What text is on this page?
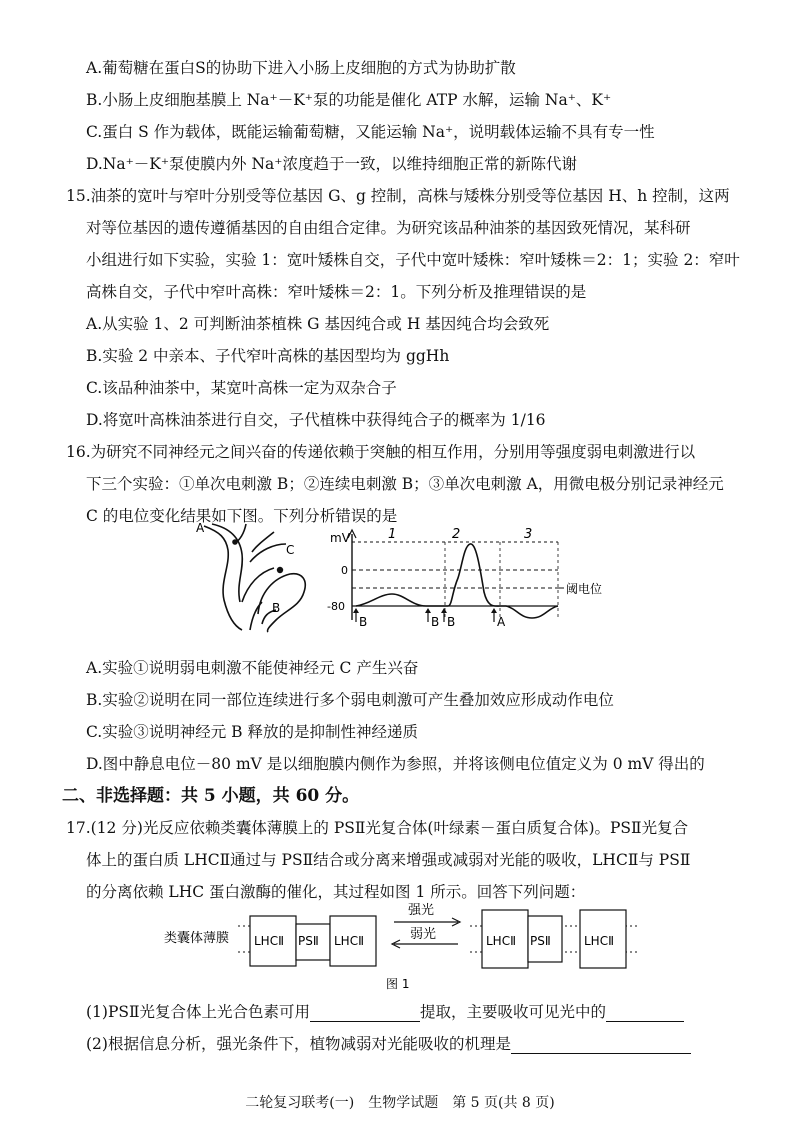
A.葡萄糖在蛋白S的协助下进入小肠上皮细胞的方式为协助扩散
B.小肠上皮细胞基膜上 Na⁺－K⁺泵的功能是催化 ATP 水解，运输 Na⁺、K⁺
C.蛋白 S 作为载体，既能运输葡萄糖，又能运输 Na⁺，说明载体运输不具有专一性
D.Na⁺－K⁺泵使膜内外 Na⁺浓度趋于一致，以维持细胞正常的新陈代谢
15.油茶的宽叶与窄叶分别受等位基因 G、g 控制，高株与矮株分别受等位基因 H、h 控制，这两
对等位基因的遗传遵循基因的自由组合定律。为研究该品种油茶的基因致死情况，某科研
小组进行如下实验，实验 1：宽叶矮株自交，子代中宽叶矮株：窄叶矮株＝2：1；实验 2：窄叶
高株自交，子代中窄叶高株：窄叶矮株＝2：1。下列分析及推理错误的是
A.从实验 1、2 可判断油茶植株 G 基因纯合或 H 基因纯合均会致死
B.实验 2 中亲本、子代窄叶高株的基因型均为 ggHh
C.该品种油茶中，某宽叶高株一定为双杂合子
D.将宽叶高株油茶进行自交，子代植株中获得纯合子的概率为 1/16
16.为研究不同神经元之间兴奋的传递依赖于突触的相互作用，分别用等强度弱电刺激进行以
下三个实验：①单次电刺激 B；②连续电刺激 B；③单次电刺激 A，用微电极分别记录神经元
C 的电位变化结果如下图。下列分析错误的是
A
C
B
mV
0
-80
阈电位
1	2	3
B	B B	A
A.实验①说明弱电刺激不能使神经元 C 产生兴奋
B.实验②说明在同一部位连续进行多个弱电刺激可产生叠加效应形成动作电位
C.实验③说明神经元 B 释放的是抑制性神经递质
D.图中静息电位－80 mV 是以细胞膜内侧作为参照，并将该侧电位值定义为 0 mV 得出的
二、非选择题：共 5 小题，共 60 分。
17.(12 分)光反应依赖类囊体薄膜上的 PSⅡ光复合体(叶绿素－蛋白质复合体)。PSⅡ光复合
体上的蛋白质 LHCⅡ通过与 PSⅡ结合或分离来增强或减弱对光能的吸收，LHCⅡ与 PSⅡ
的分离依赖 LHC 蛋白激酶的催化，其过程如图 1 所示。回答下列问题：
类囊体薄膜 LHCⅡ PSⅡ LHCⅡ
强光
弱光	LHCⅡ PSⅡ	LHCⅡ
图 1
(1)PSⅡ光复合体上光合色素可用	提取，主要吸收可见光中的
(2)根据信息分析，强光条件下，植物减弱对光能吸收的机理是
二轮复习联考(一)　生物学试题　第 5 页(共 8 页)
